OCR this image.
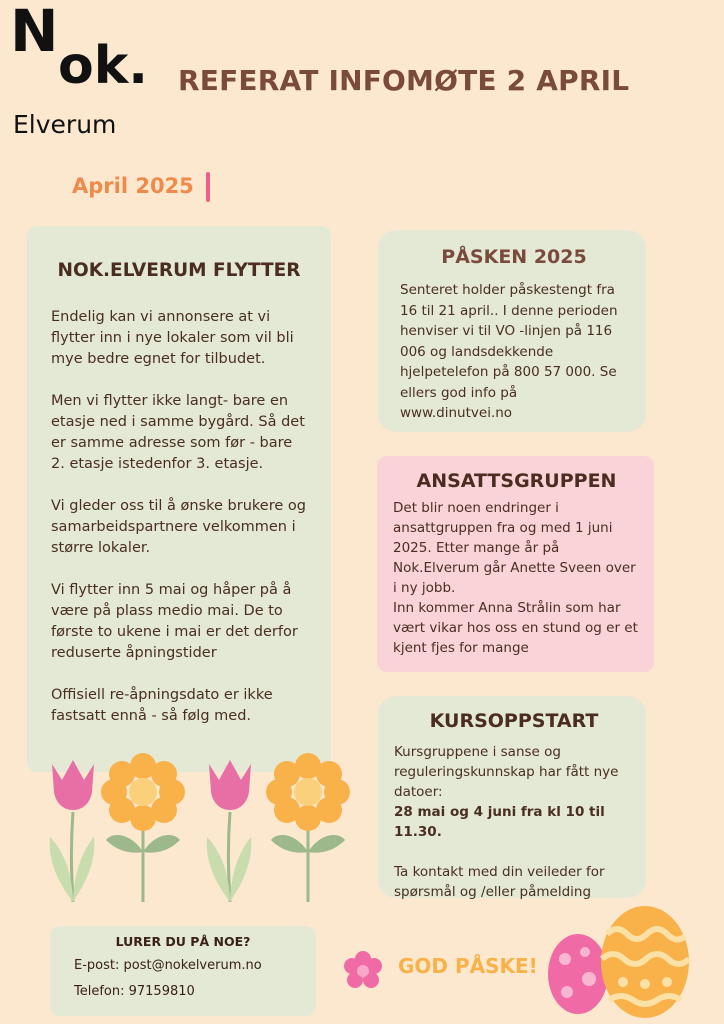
N
ok.
Elverum
REFERAT INFOMØTE 2 APRIL
April 2025
NOK.ELVERUM FLYTTER

Endelig kan vi annonsere at vi flytter inn i nye lokaler som vil bli mye bedre egnet for tilbudet.

Men vi flytter ikke langt- bare en etasje ned i samme bygård. Så det er samme adresse som før - bare 2. etasje istedenfor 3. etasje.

Vi gleder oss til å ønske brukere og samarbeidspartnere velkommen i større lokaler.

Vi flytter inn 5 mai og håper på å være på plass medio mai. De to første to ukene i mai er det derfor reduserte åpningstider

Offisiell re-åpningsdato er ikke fastsatt ennå - så følg med.

PÅSKEN 2025
Senteret holder påskestengt fra 16 til 21 april.. I denne perioden henviser vi til VO -linjen på 116 006 og landsdekkende hjelpetelefon på 800 57 000. Se ellers god info på www.dinutvei.no
ANSATTSGRUPPEN
Det blir noen endringer i ansattgruppen fra og med 1 juni 2025. Etter mange år på Nok.Elverum går Anette Sveen over i ny jobb.
Inn kommer Anna Strålin som har vært vikar hos oss en stund og er et kjent fjes for mange
KURSOPPSTART
Kursgruppene i sanse og reguleringskunnskap har fått nye datoer:
28 mai og 4 juni fra kl 10 til 11.30.
Ta kontakt med din veileder for spørsmål og /eller påmelding
LURER DU PÅ NOE?
E-post: post@nokelverum.no
Telefon: 97159810
GOD PÅSKE!
